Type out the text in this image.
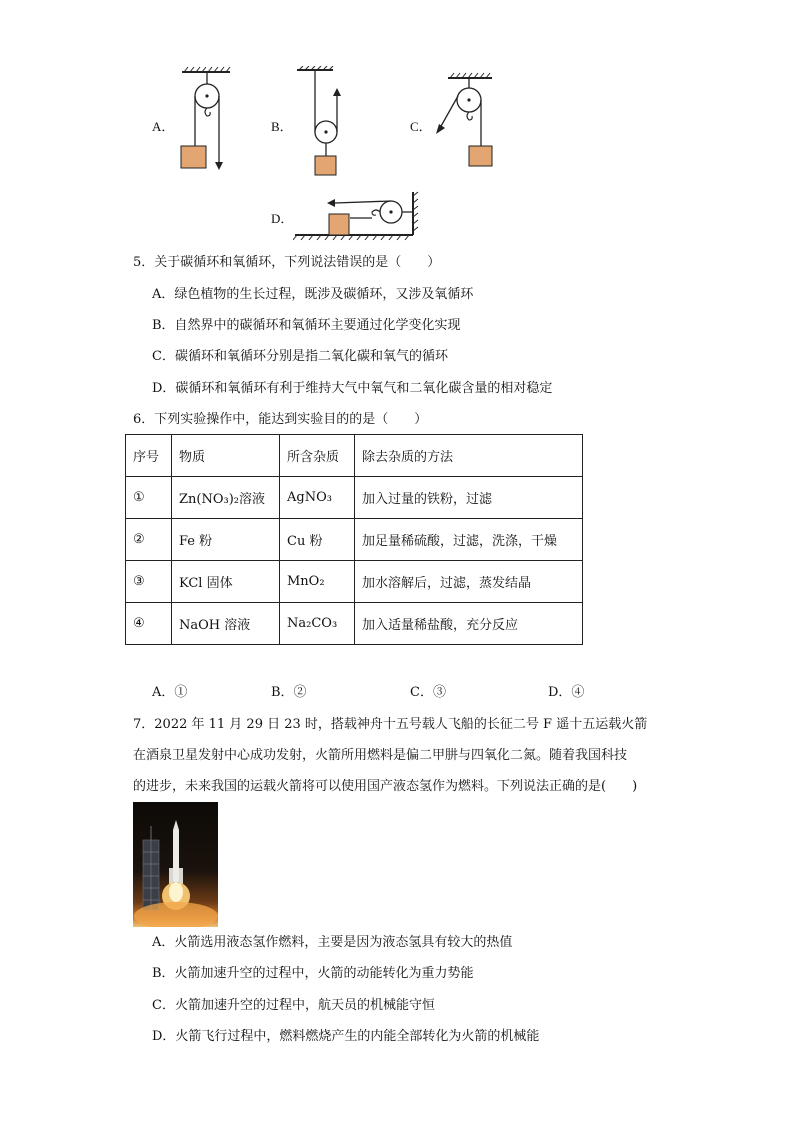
A．	B．	C．
D．
5．关于碳循环和氧循环，下列说法错误的是（　　）
A．绿色植物的生长过程，既涉及碳循环，又涉及氧循环
B．自然界中的碳循环和氧循环主要通过化学变化实现
C．碳循环和氧循环分别是指二氧化碳和氧气的循环
D．碳循环和氧循环有利于维持大气中氧气和二氧化碳含量的相对稳定
6．下列实验操作中，能达到实验目的的是（　　）
序号	物质	所含杂质	除去杂质的方法
①	Zn(NO₃)₂溶液	AgNO₃	加入过量的铁粉，过滤
②	Fe 粉	Cu 粉	加足量稀硫酸，过滤，洗涤，干燥
③	KCl 固体	MnO₂	加水溶解后，过滤，蒸发结晶
④	NaOH 溶液	Na₂CO₃	加入适量稀盐酸，充分反应
A．①	B．②	C．③	D．④
7．2022 年 11 月 29 日 23 时，搭载神舟十五号载人飞船的长征二号 F 遥十五运载火箭
在酒泉卫星发射中心成功发射，火箭所用燃料是偏二甲肼与四氧化二氮。随着我国科技
的进步，未来我国的运载火箭将可以使用国产液态氢作为燃料。下列说法正确的是(　　)
A．火箭选用液态氢作燃料，主要是因为液态氢具有较大的热值
B．火箭加速升空的过程中，火箭的动能转化为重力势能
C．火箭加速升空的过程中，航天员的机械能守恒
D．火箭飞行过程中，燃料燃烧产生的内能全部转化为火箭的机械能
